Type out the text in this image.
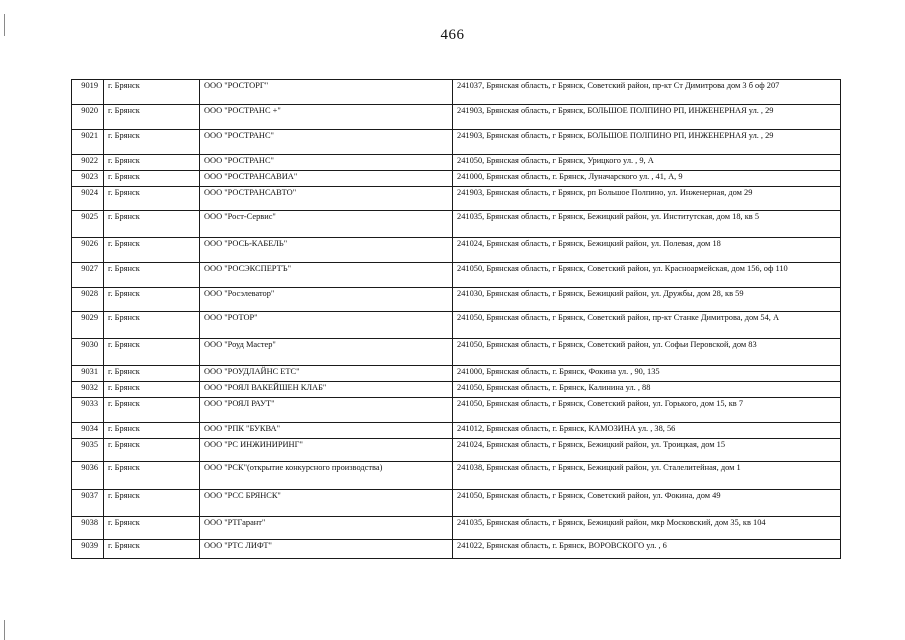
466
9019	г. Брянск	ООО "РОСТОРГ"	241037, Брянская область, г Брянск, Советский район, пр-кт Ст Димитрова дом 3 б оф 207
9020	г. Брянск	ООО "РОСТРАНС +"	241903, Брянская область, г Брянск, БОЛЬШОЕ ПОЛПИНО РП, ИНЖЕНЕРНАЯ ул. , 29
9021	г. Брянск	ООО "РОСТРАНС"	241903, Брянская область, г Брянск, БОЛЬШОЕ ПОЛПИНО РП, ИНЖЕНЕРНАЯ ул. , 29
9022	г. Брянск	ООО "РОСТРАНС"	241050, Брянская область, г Брянск, Урицкого ул. , 9, А
9023	г. Брянск	ООО "РОСТРАНСАВИА"	241000, Брянская область, г. Брянск, Луначарского ул. , 41, А, 9
9024	г. Брянск	ООО "РОСТРАНСАВТО"	241903, Брянская область, г Брянск, рп Большое Полпино, ул. Инженерная, дом 29
9025	г. Брянск	ООО "Рост-Сервис"	241035, Брянская область, г Брянск, Бежицкий район, ул. Институтская, дом 18, кв 5
9026	г. Брянск	ООО "РОСЬ-КАБЕЛЬ"	241024, Брянская область, г Брянск, Бежицкий район, ул. Полевая, дом 18
9027	г. Брянск	ООО "РОСЭКСПЕРТЪ"	241050, Брянская область, г Брянск, Советский район, ул. Красноармейская, дом 156, оф 110
9028	г. Брянск	ООО "Росэлеватор"	241030, Брянская область, г Брянск, Бежицкий район, ул. Дружбы, дом 28, кв 59
9029	г. Брянск	ООО "РОТОР"	241050, Брянская область, г Брянск, Советский район, пр-кт Станке Димитрова, дом 54, А
9030	г. Брянск	ООО "Роуд Мастер"	241050, Брянская область, г Брянск, Советский район, ул. Софьи Перовской, дом 83
9031	г. Брянск	ООО "РОУДЛАЙНС ЕТС"	241000, Брянская область, г. Брянск, Фокина ул. , 90, 135
9032	г. Брянск	ООО "РОЯЛ ВАКЕЙШЕН КЛАБ"	241050, Брянская область, г. Брянск, Калинина ул. , 88
9033	г. Брянск	ООО "РОЯЛ РАУТ"	241050, Брянская область, г Брянск, Советский район, ул. Горького, дом 15, кв 7
9034	г. Брянск	ООО "РПК "БУКВА"	241012, Брянская область, г. Брянск, КАМОЗИНА ул. , 38, 56
9035	г. Брянск	ООО "РС ИНЖИНИРИНГ"	241024, Брянская область, г Брянск, Бежицкий район, ул. Троицкая, дом 15
9036	г. Брянск	ООО "РСК"(открытие конкурсного производства)	241038, Брянская область, г Брянск, Бежицкий район, ул. Сталелитейная, дом 1
9037	г. Брянск	ООО "РСС БРЯНСК"	241050, Брянская область, г Брянск, Советский район, ул. Фокина, дом 49
9038	г. Брянск	ООО "РТГарант"	241035, Брянская область, г Брянск, Бежицкий район, мкр Московский, дом 35, кв 104
9039	г. Брянск	ООО "РТС ЛИФТ"	241022, Брянская область, г. Брянск, ВОРОВСКОГО ул. , 6
